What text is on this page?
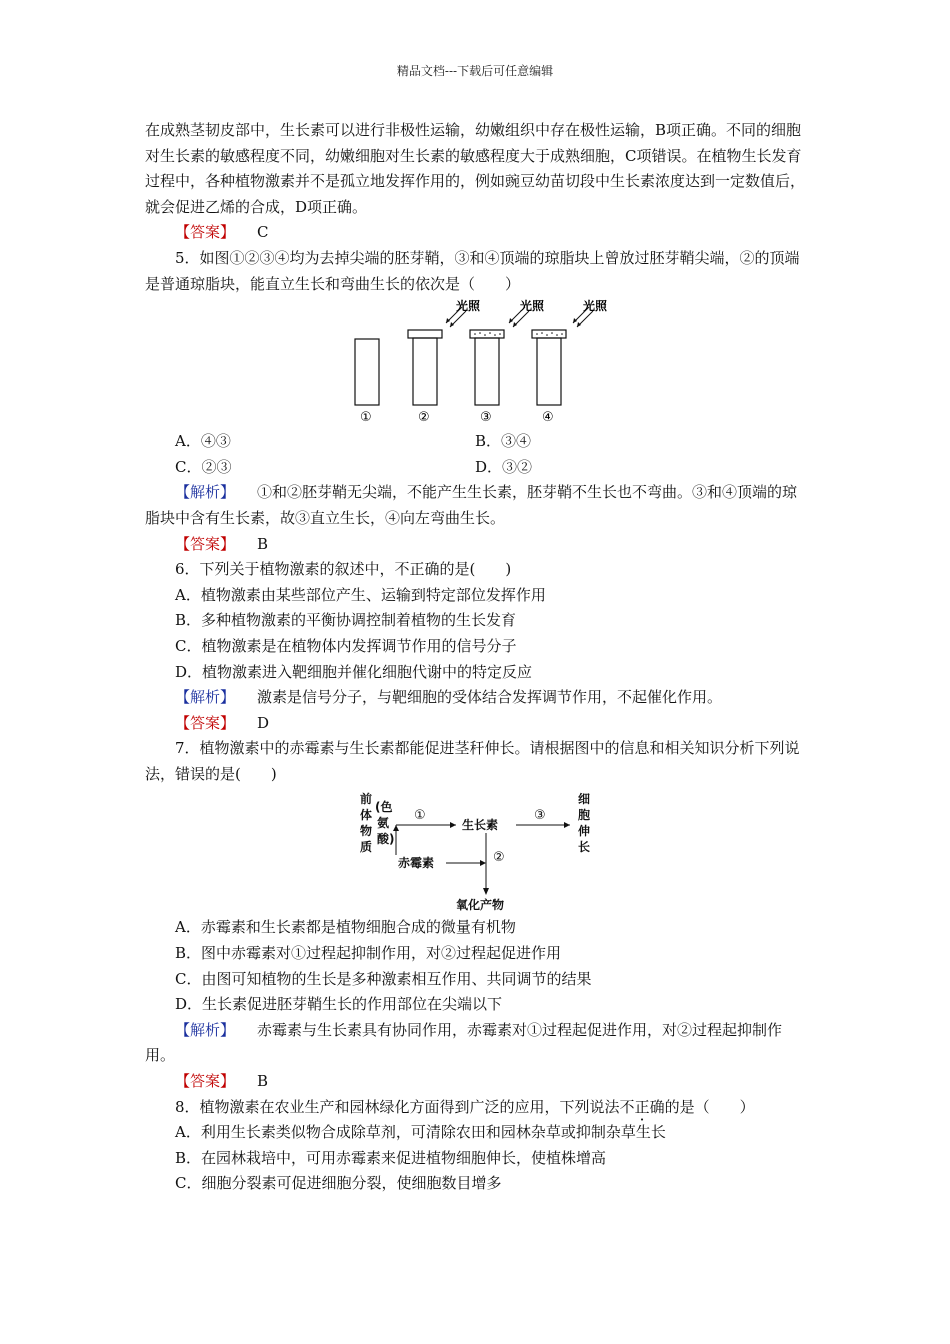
精品文档---下载后可任意编辑

在成熟茎韧皮部中，生长素可以进行非极性运输，幼嫩组织中存在极性运输，B项正确。不同的细胞对生长素的敏感程度不同，幼嫩细胞对生长素的敏感程度大于成熟细胞，C项错误。在植物生长发育过程中，各种植物激素并不是孤立地发挥作用的，例如豌豆幼苗切段中生长素浓度达到一定数值后，就会促进乙烯的合成，D项正确。

【答案】 C

5．如图①②③④均为去掉尖端的胚芽鞘，③和④顶端的琼脂块上曾放过胚芽鞘尖端，②的顶端是普通琼脂块，能直立生长和弯曲生长的依次是（　　）

光照	光照	光照
①	②	③	④
A．④③	B．③④
C．②③	D．③②

【解析】 ①和②胚芽鞘无尖端，不能产生生长素，胚芽鞘不生长也不弯曲。③和④顶端的琼脂块中含有生长素，故③直立生长，④向左弯曲生长。

【答案】 B

6．下列关于植物激素的叙述中，不正确的是(　　)

A．植物激素由某些部位产生、运输到特定部位发挥作用
B．多种植物激素的平衡协调控制着植物的生长发育
C．植物激素是在植物体内发挥调节作用的信号分子
D．植物激素进入靶细胞并催化细胞代谢中的特定反应

【解析】 激素是信号分子，与靶细胞的受体结合发挥调节作用，不起催化作用。

【答案】 D

7．植物激素中的赤霉素与生长素都能促进茎秆伸长。请根据图中的信息和相关知识分析下列说法，错误的是(　　)

前
体
物
质
(色
氨
酸)
生长素
赤霉素
氧化产物
细
胞
伸
长
①	③
②
A．赤霉素和生长素都是植物细胞合成的微量有机物
B．图中赤霉素对①过程起抑制作用，对②过程起促进作用
C．由图可知植物的生长是多种激素相互作用、共同调节的结果
D．生长素促进胚芽鞘生长的作用部位在尖端以下

【解析】 赤霉素与生长素具有协同作用，赤霉素对①过程起促进作用，对②过程起抑制作用。

【答案】 B

8．植物激素在农业生产和园林绿化方面得到广泛的应用，下列说法不正确的是（　　）

A．利用生长素类似物合成除草剂，可清除农田和园林杂草或抑制杂草生长
B．在园林栽培中，可用赤霉素来促进植物细胞伸长，使植株增高
C．细胞分裂素可促进细胞分裂，使细胞数目增多
